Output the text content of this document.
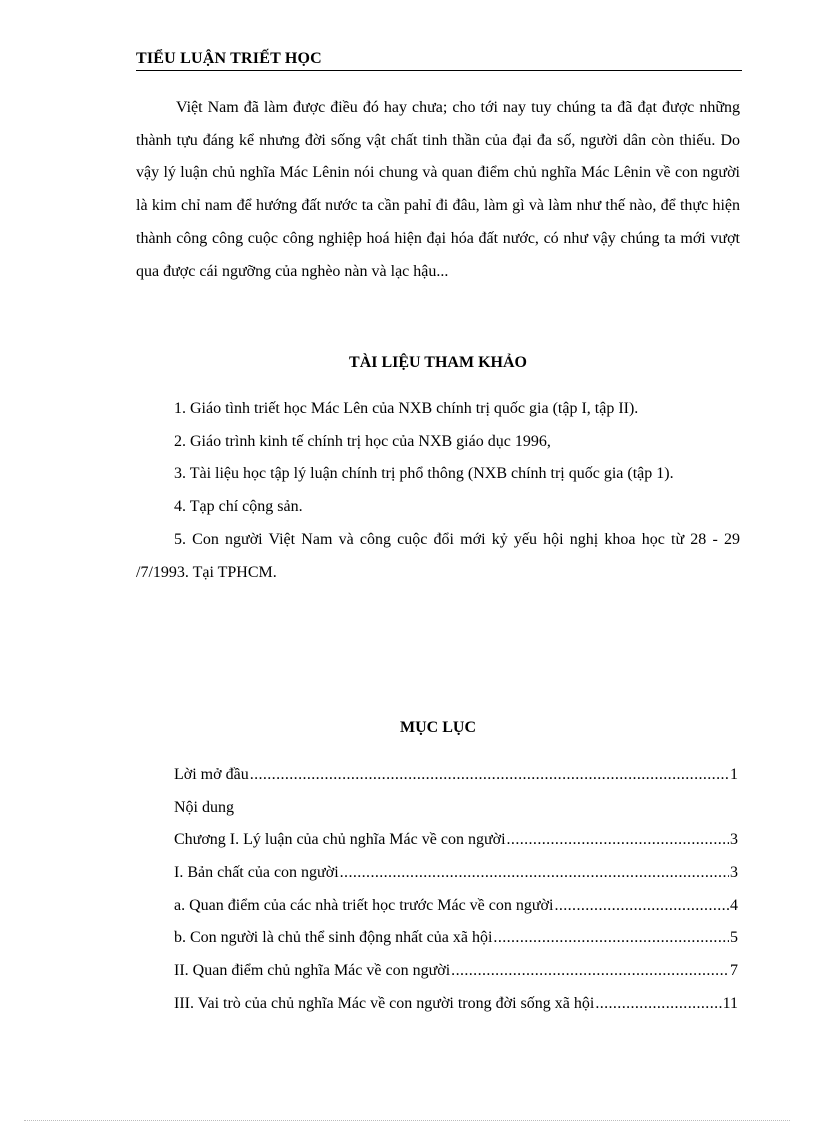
TIỂU LUẬN TRIẾT HỌC

Việt Nam đã làm được điều đó hay chưa; cho tới nay tuy chúng ta đã đạt được những thành tựu đáng kể nhưng đời sống vật chất tinh thần của đại đa số, người dân còn thiếu. Do vậy lý luận chủ nghĩa Mác Lênin nói chung và quan điểm chủ nghĩa Mác Lênin về con người là kim chỉ nam để hướng đất nước ta cần pahỉ đi đâu, làm gì và làm như thế nào, để thực hiện thành công công cuộc công nghiệp hoá hiện đại hóa đất nước, có như vậy chúng ta mới vượt qua được cái ngưỡng của nghèo nàn và lạc hậu...

TÀI LIỆU THAM KHẢO
1. Giáo tình triết học Mác Lên của NXB chính trị quốc gia (tập I, tập II).
2. Giáo trình kinh tế chính trị học của NXB giáo dục 1996,
3. Tài liệu học tập lý luận chính trị phổ thông (NXB chính trị quốc gia (tập 1).
4. Tạp chí cộng sản.
5. Con người Việt Nam và công cuộc đổi mới kỷ yếu hội nghị khoa học từ 28 - 29 /7/1993. Tại TPHCM.
MỤC LỤC
Lời mở đầu .....	1
Nội dung
Chương I. Lý luận của chủ nghĩa Mác về con người .....	3
I. Bản chất của con người .....	3
a. Quan điểm của các nhà triết học trước Mác về con người .....	4
b. Con người là chủ thể sinh động nhất của xã hội .....	5
II. Quan điểm chủ nghĩa Mác về con người .....	7
III. Vai trò của chủ nghĩa Mác về con người trong đời sống xã hội .....	11
